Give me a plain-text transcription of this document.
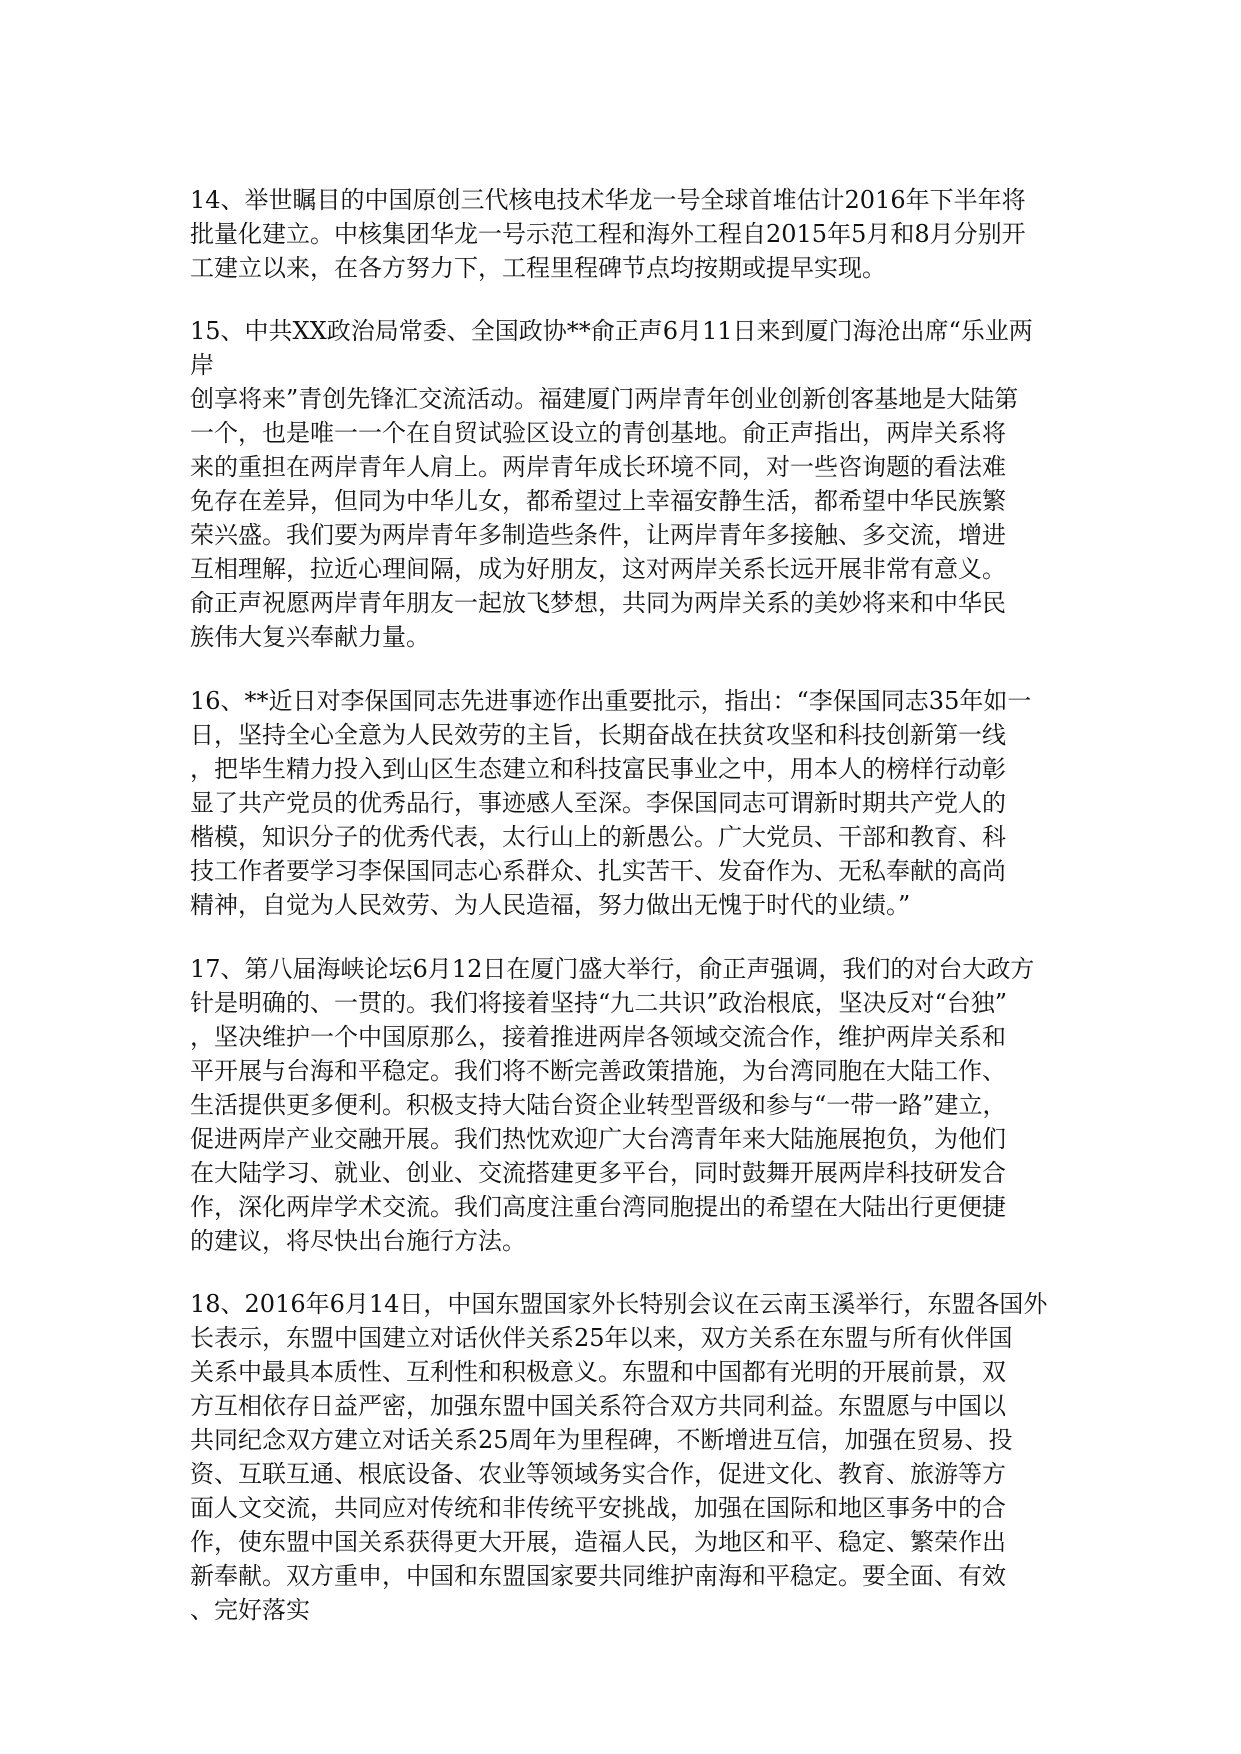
14、举世瞩目的中国原创三代核电技术华龙一号全球首堆估计2016年下半年将
批量化建立。中核集团华龙一号示范工程和海外工程自2015年5月和8月分别开
工建立以来，在各方努力下，工程里程碑节点均按期或提早实现。
15、中共XX政治局常委、全国政协**俞正声6月11日来到厦门海沧出席“乐业两
岸
创享将来”青创先锋汇交流活动。福建厦门两岸青年创业创新创客基地是大陆第
一个，也是唯一一个在自贸试验区设立的青创基地。俞正声指出，两岸关系将
来的重担在两岸青年人肩上。两岸青年成长环境不同，对一些咨询题的看法难
免存在差异，但同为中华儿女，都希望过上幸福安静生活，都希望中华民族繁
荣兴盛。我们要为两岸青年多制造些条件，让两岸青年多接触、多交流，增进
互相理解，拉近心理间隔，成为好朋友，这对两岸关系长远开展非常有意义。
俞正声祝愿两岸青年朋友一起放飞梦想，共同为两岸关系的美妙将来和中华民
族伟大复兴奉献力量。
16、**近日对李保国同志先进事迹作出重要批示，指出：“李保国同志35年如一
日，坚持全心全意为人民效劳的主旨，长期奋战在扶贫攻坚和科技创新第一线
，把毕生精力投入到山区生态建立和科技富民事业之中，用本人的榜样行动彰
显了共产党员的优秀品行，事迹感人至深。李保国同志可谓新时期共产党人的
楷模，知识分子的优秀代表，太行山上的新愚公。广大党员、干部和教育、科
技工作者要学习李保国同志心系群众、扎实苦干、发奋作为、无私奉献的高尚
精神，自觉为人民效劳、为人民造福，努力做出无愧于时代的业绩。”
17、第八届海峡论坛6月12日在厦门盛大举行，俞正声强调，我们的对台大政方
针是明确的、一贯的。我们将接着坚持“九二共识”政治根底，坚决反对“台独”
，坚决维护一个中国原那么，接着推进两岸各领域交流合作，维护两岸关系和
平开展与台海和平稳定。我们将不断完善政策措施，为台湾同胞在大陆工作、
生活提供更多便利。积极支持大陆台资企业转型晋级和参与“一带一路”建立，
促进两岸产业交融开展。我们热忱欢迎广大台湾青年来大陆施展抱负，为他们
在大陆学习、就业、创业、交流搭建更多平台，同时鼓舞开展两岸科技研发合
作，深化两岸学术交流。我们高度注重台湾同胞提出的希望在大陆出行更便捷
的建议，将尽快出台施行方法。
18、2016年6月14日，中国东盟国家外长特别会议在云南玉溪举行，东盟各国外
长表示，东盟中国建立对话伙伴关系25年以来，双方关系在东盟与所有伙伴国
关系中最具本质性、互利性和积极意义。东盟和中国都有光明的开展前景，双
方互相依存日益严密，加强东盟中国关系符合双方共同利益。东盟愿与中国以
共同纪念双方建立对话关系25周年为里程碑，不断增进互信，加强在贸易、投
资、互联互通、根底设备、农业等领域务实合作，促进文化、教育、旅游等方
面人文交流，共同应对传统和非传统平安挑战，加强在国际和地区事务中的合
作，使东盟中国关系获得更大开展，造福人民，为地区和平、稳定、繁荣作出
新奉献。双方重申，中国和东盟国家要共同维护南海和平稳定。要全面、有效
、完好落实
